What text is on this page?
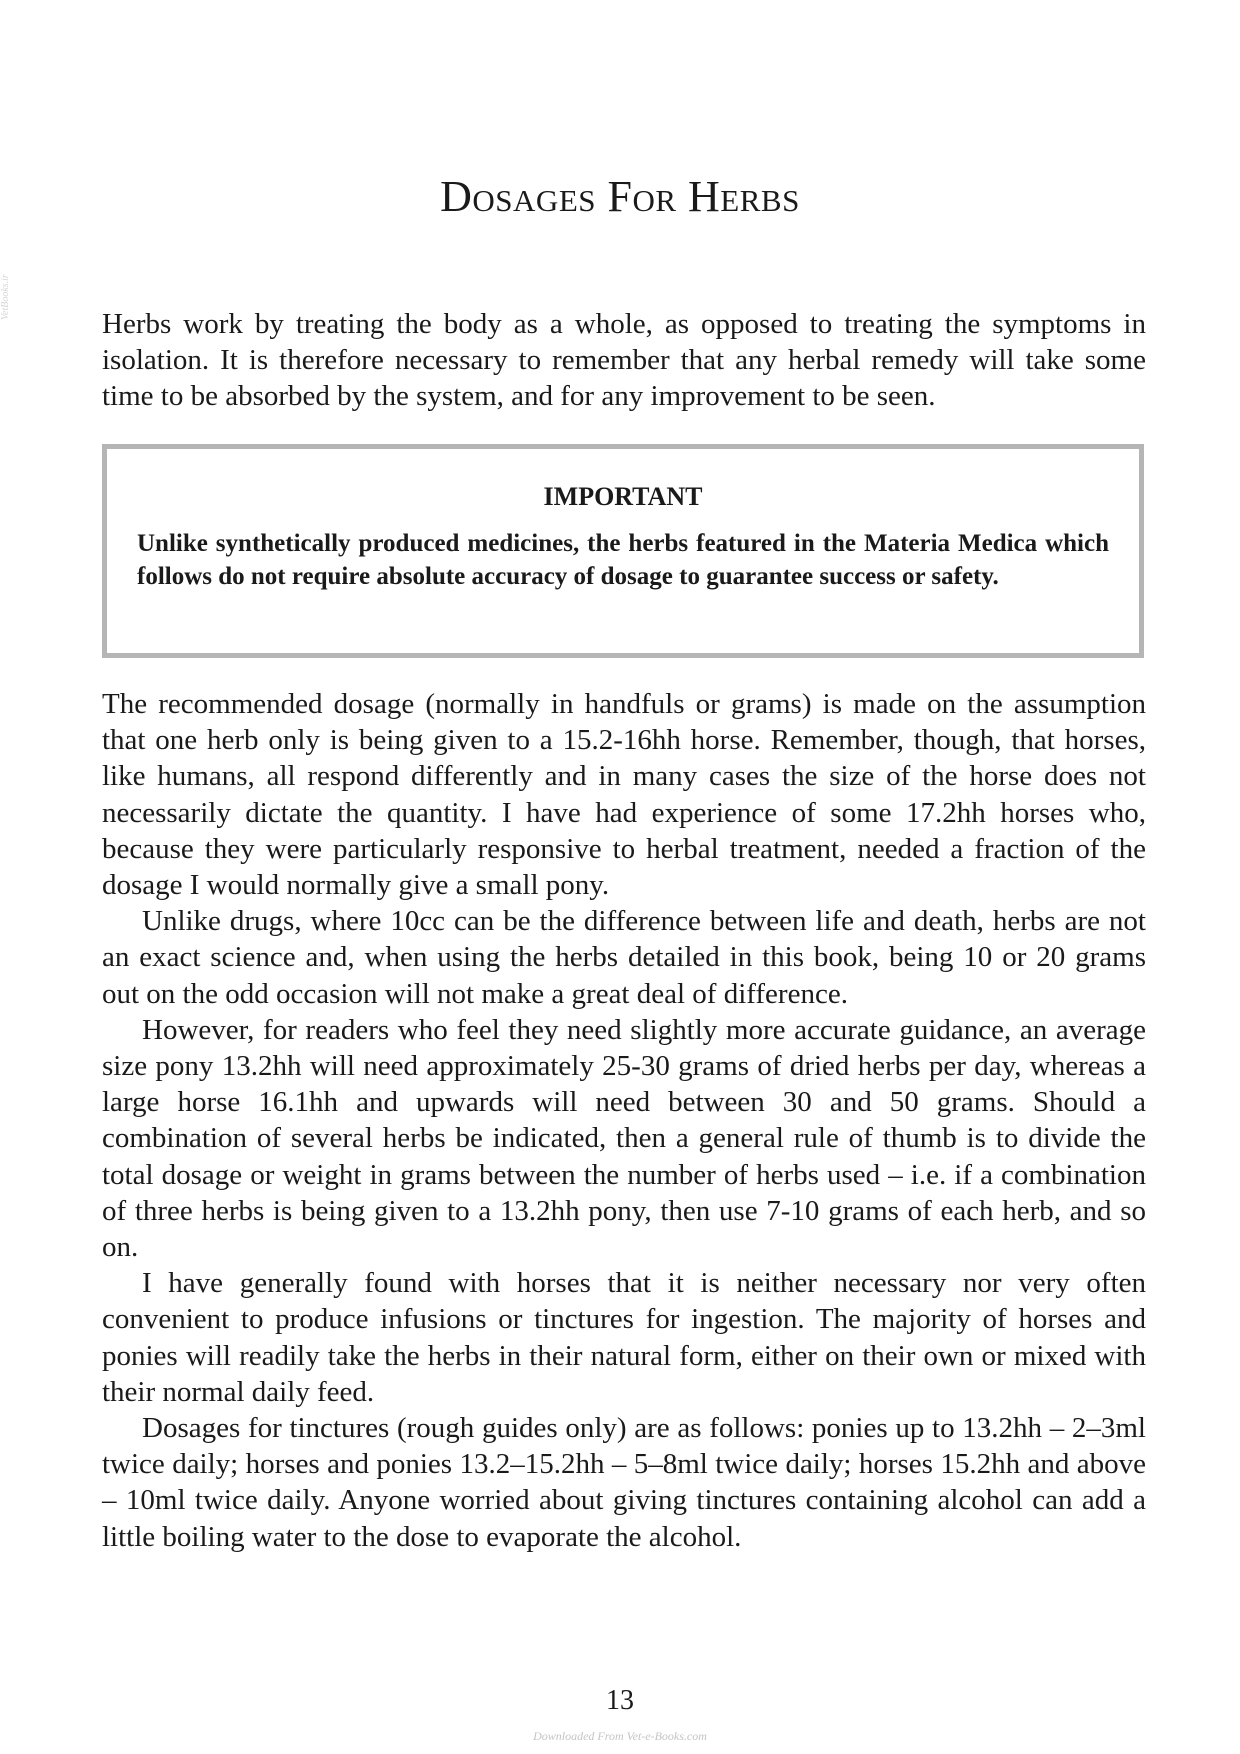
VetBooks.ir
Dosages For Herbs

Herbs work by treating the body as a whole, as opposed to treating the symptoms in isolation. It is therefore necessary to remember that any herbal remedy will take some time to be absorbed by the system, and for any improvement to be seen.

IMPORTANT

Unlike synthetically produced medicines, the herbs featured in the Materia Medica which follows do not require absolute accuracy of dosage to guarantee success or safety.

The recommended dosage (normally in handfuls or grams) is made on the assumption that one herb only is being given to a 15.2-16hh horse. Remember, though, that horses, like humans, all respond differently and in many cases the size of the horse does not necessarily dictate the quantity. I have had experience of some 17.2hh horses who, because they were particularly responsive to herbal treatment, needed a fraction of the dosage I would normally give a small pony.

Unlike drugs, where 10cc can be the difference between life and death, herbs are not an exact science and, when using the herbs detailed in this book, being 10 or 20 grams out on the odd occasion will not make a great deal of difference.

However, for readers who feel they need slightly more accurate guidance, an average size pony 13.2hh will need approximately 25-30 grams of dried herbs per day, whereas a large horse 16.1hh and upwards will need between 30 and 50 grams. Should a combination of several herbs be indicated, then a general rule of thumb is to divide the total dosage or weight in grams between the number of herbs used – i.e. if a combination of three herbs is being given to a 13.2hh pony, then use 7-10 grams of each herb, and so on.

I have generally found with horses that it is neither necessary nor very often convenient to produce infusions or tinctures for ingestion. The majority of horses and ponies will readily take the herbs in their natural form, either on their own or mixed with their normal daily feed.

Dosages for tinctures (rough guides only) are as follows: ponies up to 13.2hh – 2–3ml twice daily; horses and ponies 13.2–15.2hh – 5–8ml twice daily; horses 15.2hh and above – 10ml twice daily. Anyone worried about giving tinctures containing alcohol can add a little boiling water to the dose to evaporate the alcohol.

13
Downloaded From Vet-e-Books.com
